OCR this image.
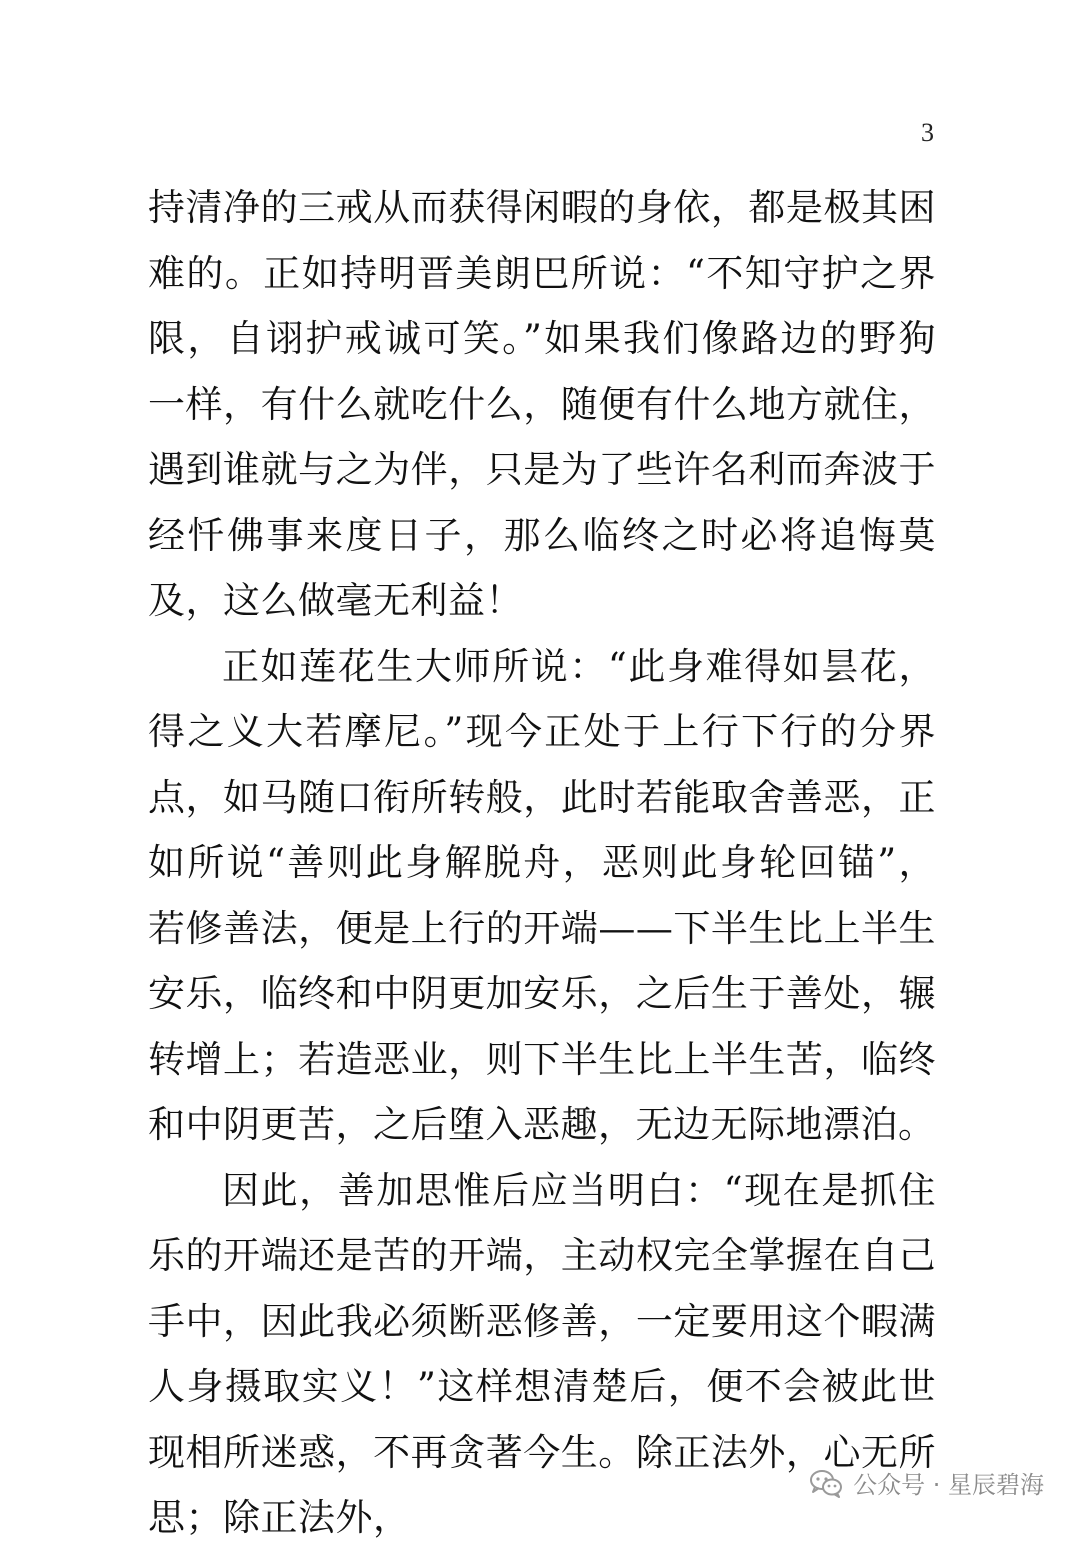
3

持清净的三戒从而获得闲暇的身依，都是极其困难的。正如持明晋美朗巴所说：“不知守护之界限，自诩护戒诚可笑。”如果我们像路边的野狗一样，有什么就吃什么，随便有什么地方就住，遇到谁就与之为伴，只是为了些许名利而奔波于经忏佛事来度日子，那么临终之时必将追悔莫及，这么做毫无利益！

正如莲花生大师所说：“此身难得如昙花，得之义大若摩尼。”现今正处于上行下行的分界点，如马随口衔所转般，此时若能取舍善恶，正如所说“善则此身解脱舟，恶则此身轮回锚”，若修善法，便是上行的开端——下半生比上半生安乐，临终和中阴更加安乐，之后生于善处，辗转增上；若造恶业，则下半生比上半生苦，临终和中阴更苦，之后堕入恶趣，无边无际地漂泊。

因此，善加思惟后应当明白：“现在是抓住乐的开端还是苦的开端，主动权完全掌握在自己手中，因此我必须断恶修善，一定要用这个暇满人身摄取实义！”这样想清楚后，便不会被此世现相所迷惑，不再贪著今生。除正法外，心无所思；除正法外，

公众号 · 星辰碧海
